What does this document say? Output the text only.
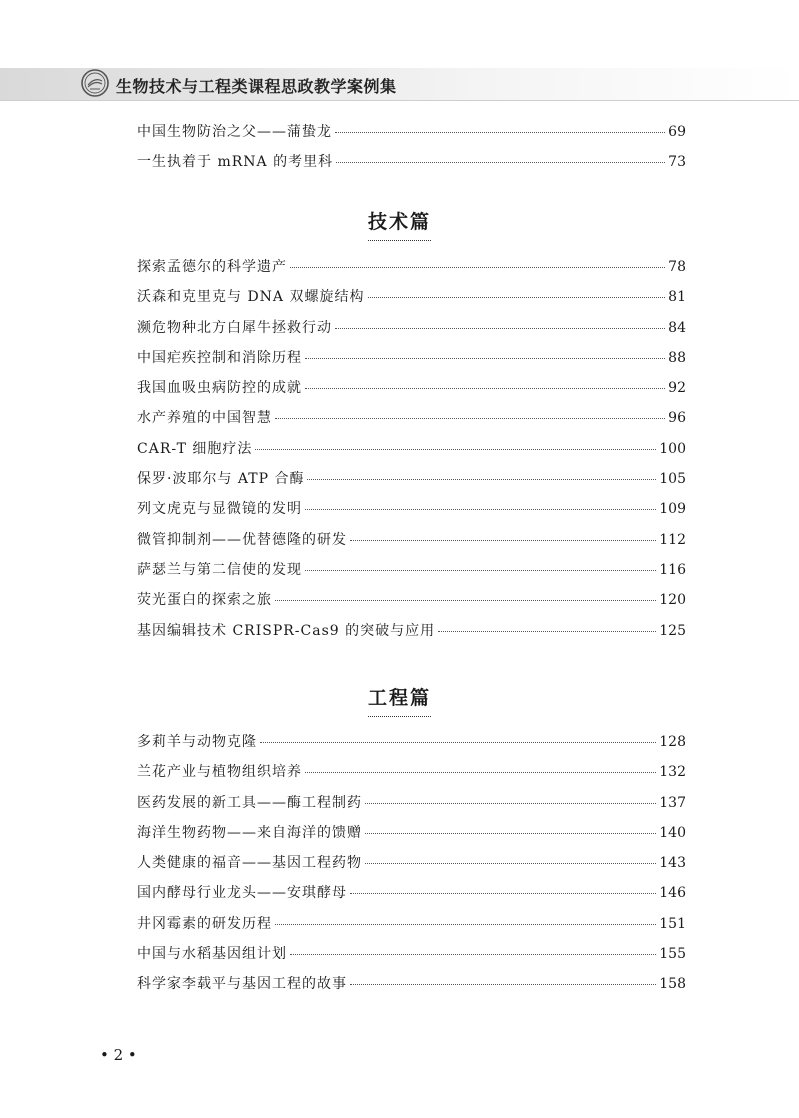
生物技术与工程类课程思政教学案例集
中国生物防治之父——蒲蛰龙	69
一生执着于 mRNA 的考里科	73
技术篇
探索孟德尔的科学遗产	78
沃森和克里克与 DNA 双螺旋结构	81
濒危物种北方白犀牛拯救行动	84
中国疟疾控制和消除历程	88
我国血吸虫病防控的成就	92
水产养殖的中国智慧	96
CAR-T 细胞疗法	100
保罗·波耶尔与 ATP 合酶	105
列文虎克与显微镜的发明	109
微管抑制剂——优替德隆的研发	112
萨瑟兰与第二信使的发现	116
荧光蛋白的探索之旅	120
基因编辑技术 CRISPR-Cas9 的突破与应用	125
工程篇
多莉羊与动物克隆	128
兰花产业与植物组织培养	132
医药发展的新工具——酶工程制药	137
海洋生物药物——来自海洋的馈赠	140
人类健康的福音——基因工程药物	143
国内酵母行业龙头——安琪酵母	146
井冈霉素的研发历程	151
中国与水稻基因组计划	155
科学家李载平与基因工程的故事	158
• 2 •
